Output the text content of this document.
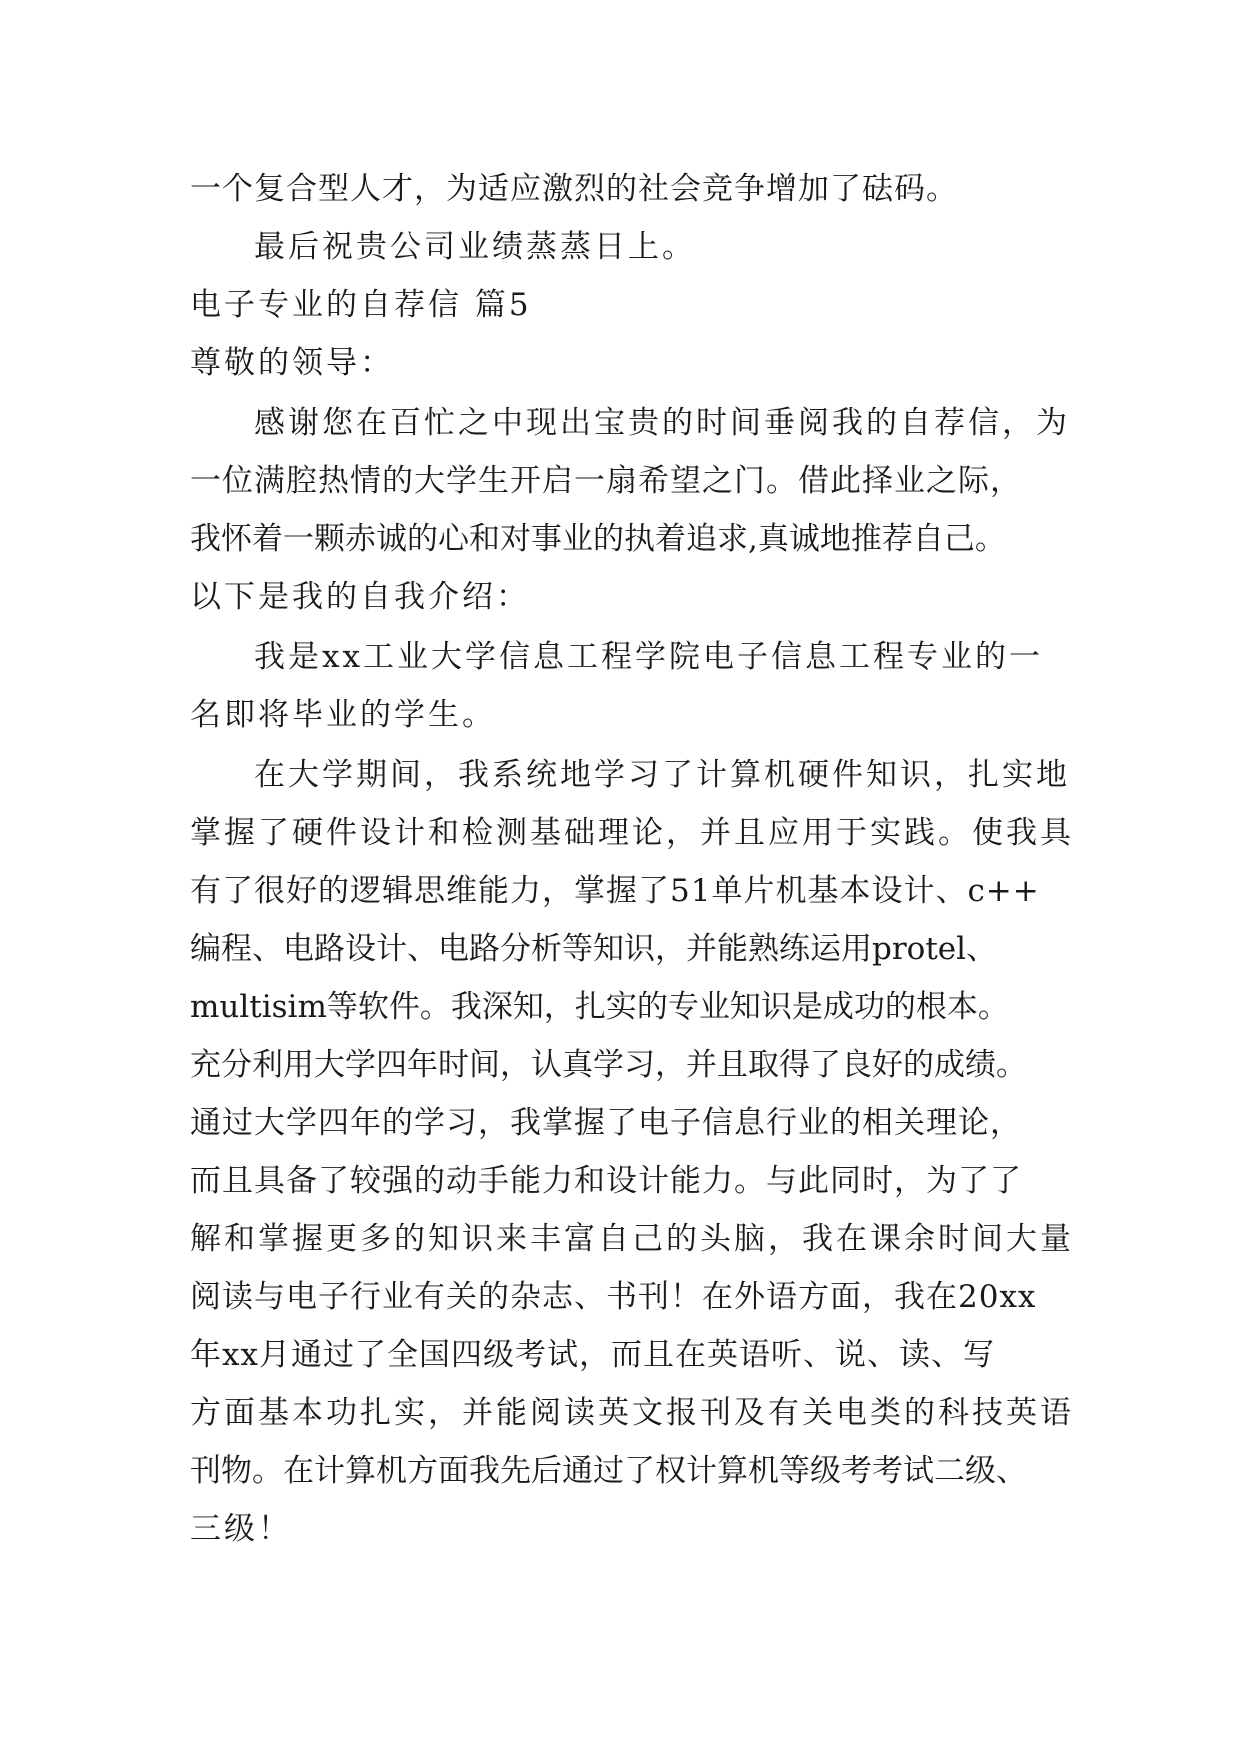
一个复合型人才，为适应激烈的社会竞争增加了砝码。
最后祝贵公司业绩蒸蒸日上。
电子专业的自荐信 篇5
尊敬的领导：
感谢您在百忙之中现出宝贵的时间垂阅我的自荐信，为
一位满腔热情的大学生开启一扇希望之门。借此择业之际，
我怀着一颗赤诚的心和对事业的执着追求,真诚地推荐自己。
以下是我的自我介绍：
我是xx工业大学信息工程学院电子信息工程专业的一
名即将毕业的学生。
在大学期间，我系统地学习了计算机硬件知识，扎实地
掌握了硬件设计和检测基础理论，并且应用于实践。使我具
有了很好的逻辑思维能力，掌握了51单片机基本设计、c++
编程、电路设计、电路分析等知识，并能熟练运用protel、
multisim等软件。我深知，扎实的专业知识是成功的根本。
充分利用大学四年时间，认真学习，并且取得了良好的成绩。
通过大学四年的学习，我掌握了电子信息行业的相关理论，
而且具备了较强的动手能力和设计能力。与此同时，为了了
解和掌握更多的知识来丰富自己的头脑，我在课余时间大量
阅读与电子行业有关的杂志、书刊！在外语方面，我在20xx
年xx月通过了全国四级考试，而且在英语听、说、读、写
方面基本功扎实，并能阅读英文报刊及有关电类的科技英语
刊物。在计算机方面我先后通过了权计算机等级考考试二级、
三级！
